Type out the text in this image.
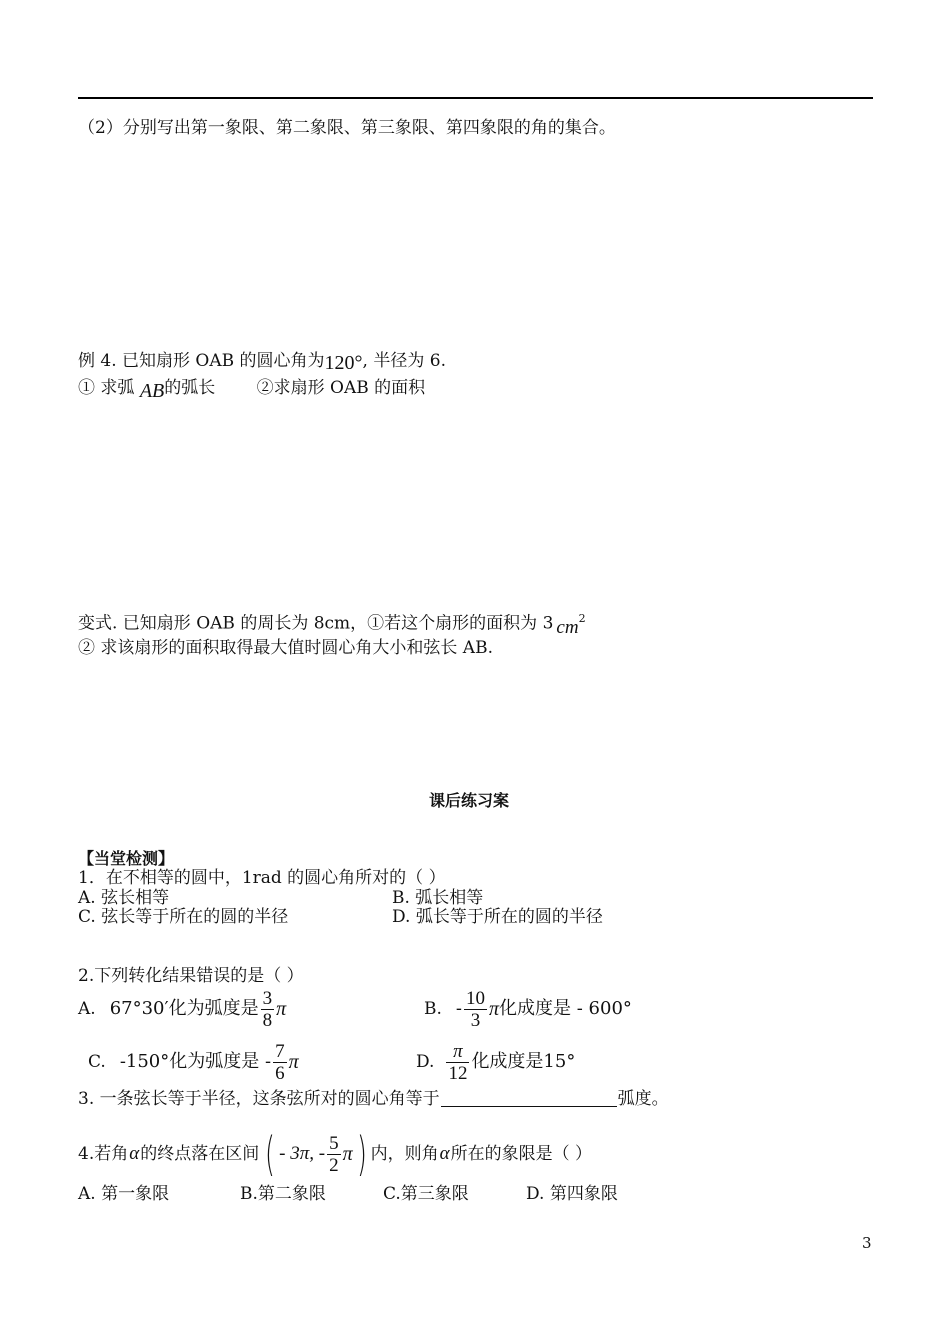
（2）分别写出第一象限、第二象限、第三象限、第四象限的角的集合。
例 4. 已知扇形 OAB 的圆心角为120°, 半径为 6.
① 求弧 AB的弧长 ②求扇形 OAB 的面积
变式. 已知扇形 OAB 的周长为 8cm，①若这个扇形的面积为 3 $cm^2$
② 求该扇形的面积取得最大值时圆心角大小和弦长 AB.
课后练习案
【当堂检测】
1．在不相等的圆中，1rad 的圆心角所对的（ ）
A. 弦长相等	B. 弧长相等
C. 弦长等于所在的圆的半径	D. 弧长等于所在的圆的半径
2.下列转化结果错误的是（ ）
A. 67°30′化为弧度是 $\frac{3}{8}$ π	B. - $\frac{10}{3}$ π 化成度是 - 600°
C. -150°化为弧度是 - $\frac{7}{6}$ π	D. $\frac{\pi}{12}$ 化成度是15°
3. 一条弦长等于半径，这条弦所对的圆心角等于	弧度。
4.若角 α 的终点落在区间 ( - 3π, - $\frac{5}{2}$ π ) 内，则角 α 所在的象限是（ ）
A. 第一象限	B.第二象限	C.第三象限	D. 第四象限
3
